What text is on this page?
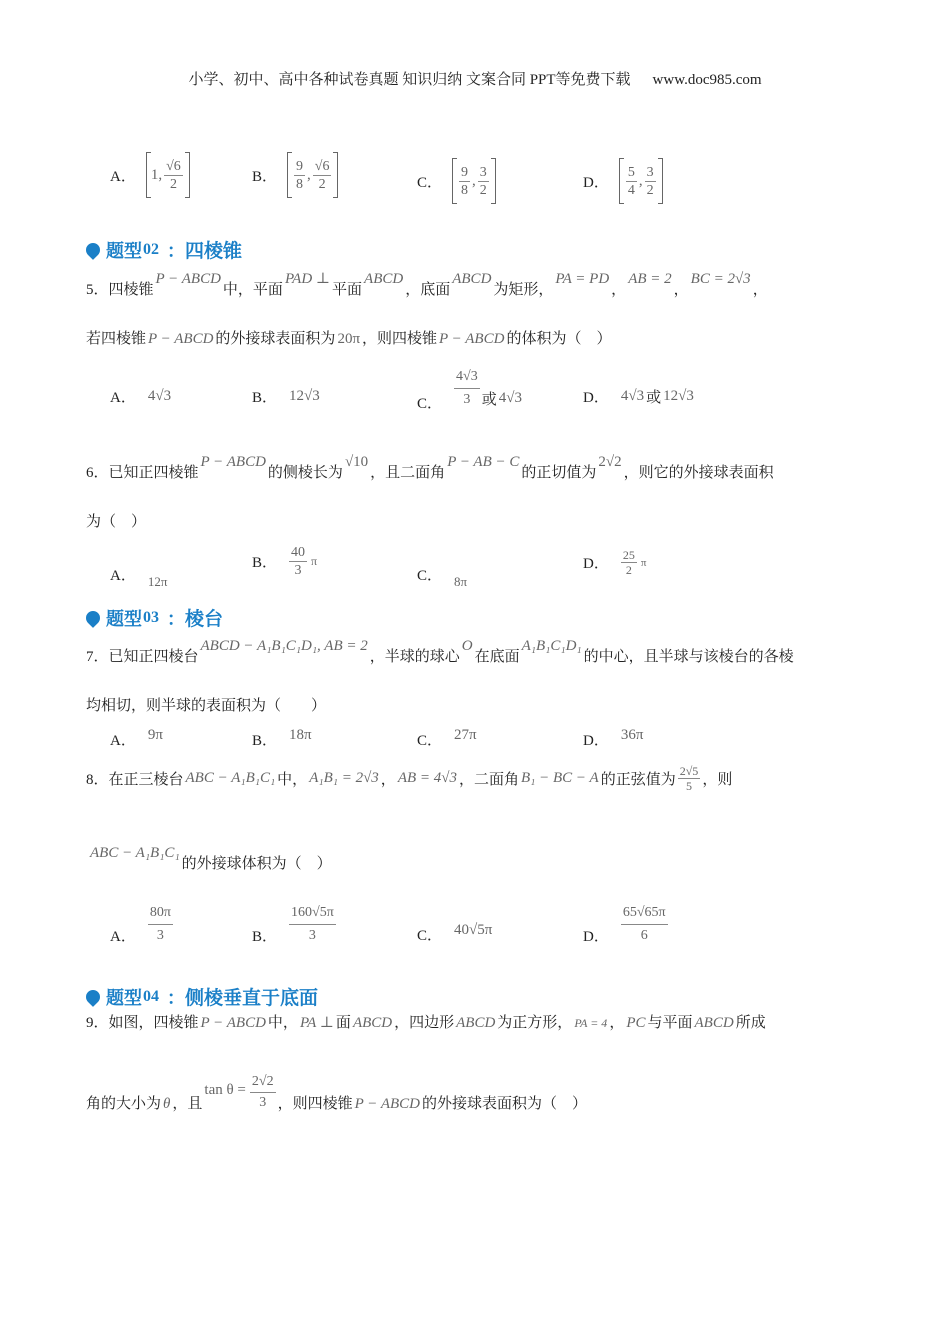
小学、初中、高中各种试卷真题 知识归纳 文案合同 PPT等免费下载 www.doc985.com
A． 1, $\frac{√6}{2}$	B． $\frac{9}{8}$ , $\frac{√6}{2}$	C． $\frac{9}{8}$ , $\frac{3}{2}$	D． $\frac{5}{4}$ , $\frac{3}{2}$
题型 02 ： 四棱锥
5．四棱锥P − ABCD中，平面PAD ⊥平面ABCD，底面ABCD为矩形，PA = PD，AB = 2，BC = 2√3，
若四棱锥 P − ABCD 的外接球表面积为 20π ，则四棱锥 P − ABCD 的体积为（　）
A． 4√3	B． 12√3	C． $\frac{4√3}{3}$ 或 4√3	D． 4√3 或 12√3
6．已知正四棱锥P − ABCD的侧棱长为√10，且二面角P − AB − C的正切值为2√2，则它的外接球表面积
为（　）
A． 12π
B． $\frac{40}{3}$ π
C． 8π
D． $\frac{25}{2}$ π
题型 03 ： 棱台
7．已知正四棱台ABCD − A₁B₁C₁D₁, AB = 2，半球的球心O在底面A₁B₁C₁D₁的中心，且半球与该棱台的各棱
均相切，则半球的表面积为（　　）
A． 9π	B． 18π	C． 27π	D． 36π
8．在正三棱台 ABC − A₁B₁C₁ 中， A₁B₁ = 2√3 ， AB = 4√3 ，二面角 B₁ − BC − A 的正弦值为 $\frac{2√5}{5}$ ，则
ABC − A₁B₁C₁的外接球体积为（　）
A． $\frac{80\pi}{3}$	B． $\frac{160√5\pi}{3}$	C． 40√5π	D． $\frac{65√65\pi}{6}$
题型 04 ： 侧棱垂直于底面
9．如图，四棱锥 P − ABCD 中， PA ⊥ 面 ABCD ，四边形 ABCD 为正方形， PA = 4 ， PC 与平面 ABCD 所成
角的大小为 θ ，且
$\tan \theta = \frac{2√2}{3}$ ，则四棱锥 P − ABCD 的外接球表面积为（　）
